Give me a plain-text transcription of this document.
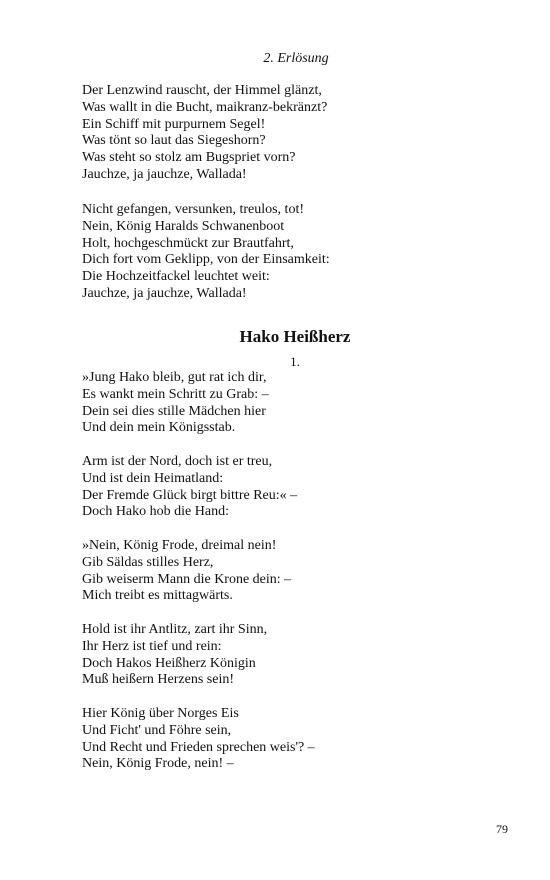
2. Erlösung
Der Lenzwind rauscht, der Himmel glänzt,
Was wallt in die Bucht, maikranz-bekränzt?
Ein Schiff mit purpurnem Segel!
Was tönt so laut das Siegeshorn?
Was steht so stolz am Bugspriet vorn?
Jauchze, ja jauchze, Wallada!
Nicht gefangen, versunken, treulos, tot!
Nein, König Haralds Schwanenboot
Holt, hochgeschmückt zur Brautfahrt,
Dich fort vom Geklipp, von der Einsamkeit:
Die Hochzeitfackel leuchtet weit:
Jauchze, ja jauchze, Wallada!
Hako Heißherz
1.
»Jung Hako bleib, gut rat ich dir,
Es wankt mein Schritt zu Grab: –
Dein sei dies stille Mädchen hier
Und dein mein Königsstab.
Arm ist der Nord, doch ist er treu,
Und ist dein Heimatland:
Der Fremde Glück birgt bittre Reu:« –
Doch Hako hob die Hand:
»Nein, König Frode, dreimal nein!
Gib Säldas stilles Herz,
Gib weiserm Mann die Krone dein: –
Mich treibt es mittagwärts.
Hold ist ihr Antlitz, zart ihr Sinn,
Ihr Herz ist tief und rein:
Doch Hakos Heißherz Königin
Muß heißern Herzens sein!
Hier König über Norges Eis
Und Ficht' und Föhre sein,
Und Recht und Frieden sprechen weis'? –
Nein, König Frode, nein! –
79
